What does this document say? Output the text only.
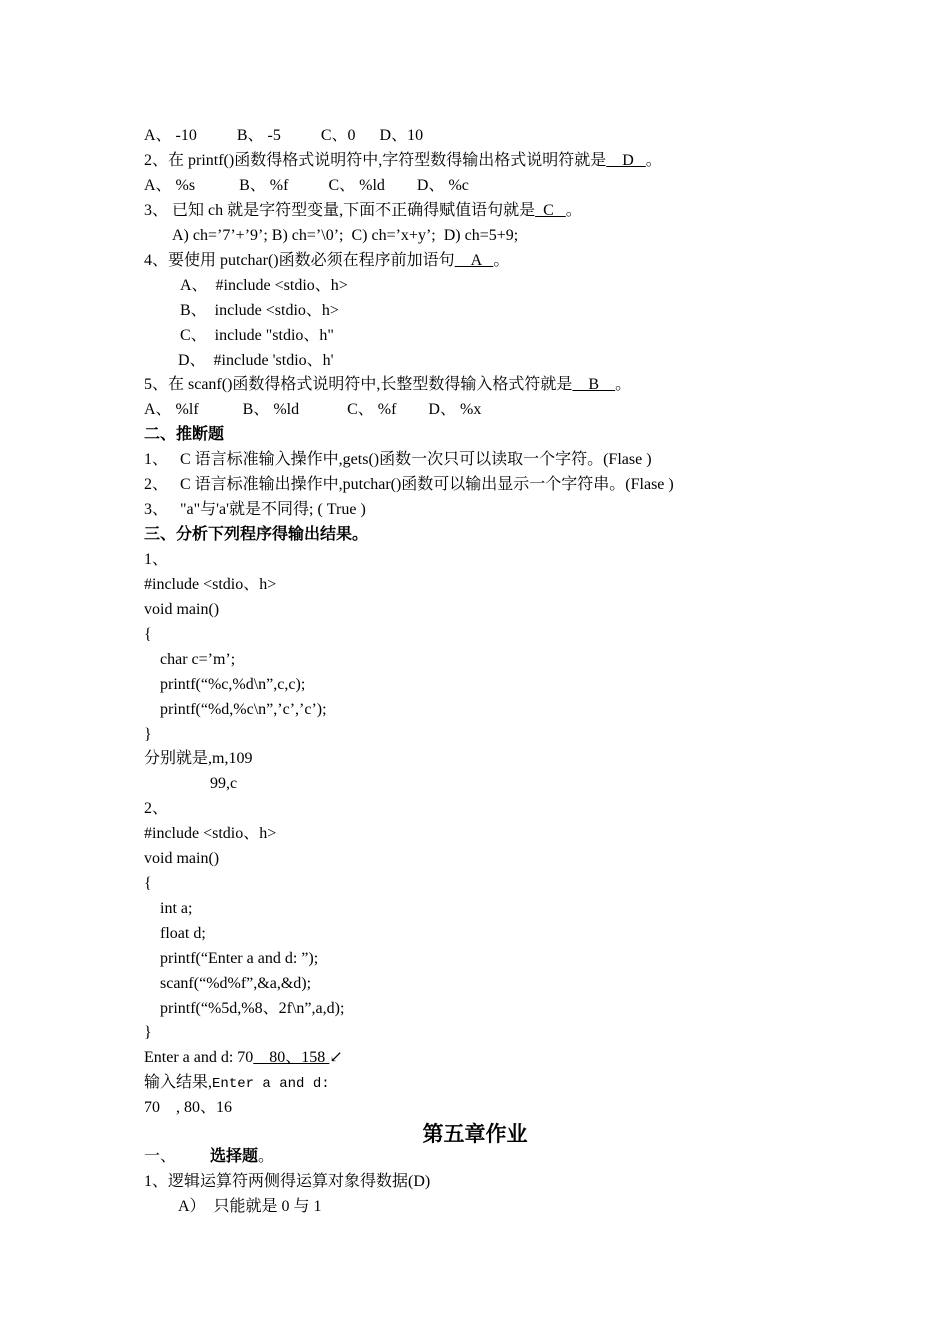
A、 -10          B、 -5          C、0      D、10
2、在 printf()函数得格式说明符中,字符型数得输出格式说明符就是    D   。
A、 %s           B、 %f          C、 %ld        D、 %c
3、 已知 ch 就是字符型变量,下面不正确得赋值语句就是  C   。
A) ch=’7’+’9’; B) ch=’\0’;  C) ch=’x+y’;  D) ch=5+9;
4、要使用 putchar()函数必须在程序前加语句    A   。
A、  #include <stdio、h>
B、  include <stdio、h>
C、  include "stdio、h"
D、  #include 'stdio、h'
5、在 scanf()函数得格式说明符中,长整型数得输入格式符就是    B    。
A、 %lf           B、 %ld            C、 %f        D、 %x
二、推断题
1、   C 语言标准输入操作中,gets()函数一次只可以读取一个字符。(Flase )
2、   C 语言标准输出操作中,putchar()函数可以输出显示一个字符串。(Flase )
3、   "a"与'a'就是不同得; ( True )
三、分析下列程序得输出结果。
1、
#include <stdio、h>
void main()
{
char c=’m’;
printf(“%c,%d\n”,c,c);
printf(“%d,%c\n”,’c’,’c’);
}
分别就是,m,109
99,c
2、
#include <stdio、h>
void main()
{
int a;
float d;
printf(“Enter a and d: ”);
scanf(“%d%f”,&a,&d);
printf(“%5d,%8、2f\n”,a,d);
}
Enter a and d: 70    80、158 ↙
输入结果,Enter a and d:
70    , 80、16
第五章作业
一、 选择题。
1、逻辑运算符两侧得运算对象得数据(D)
A）  只能就是 0 与 1
